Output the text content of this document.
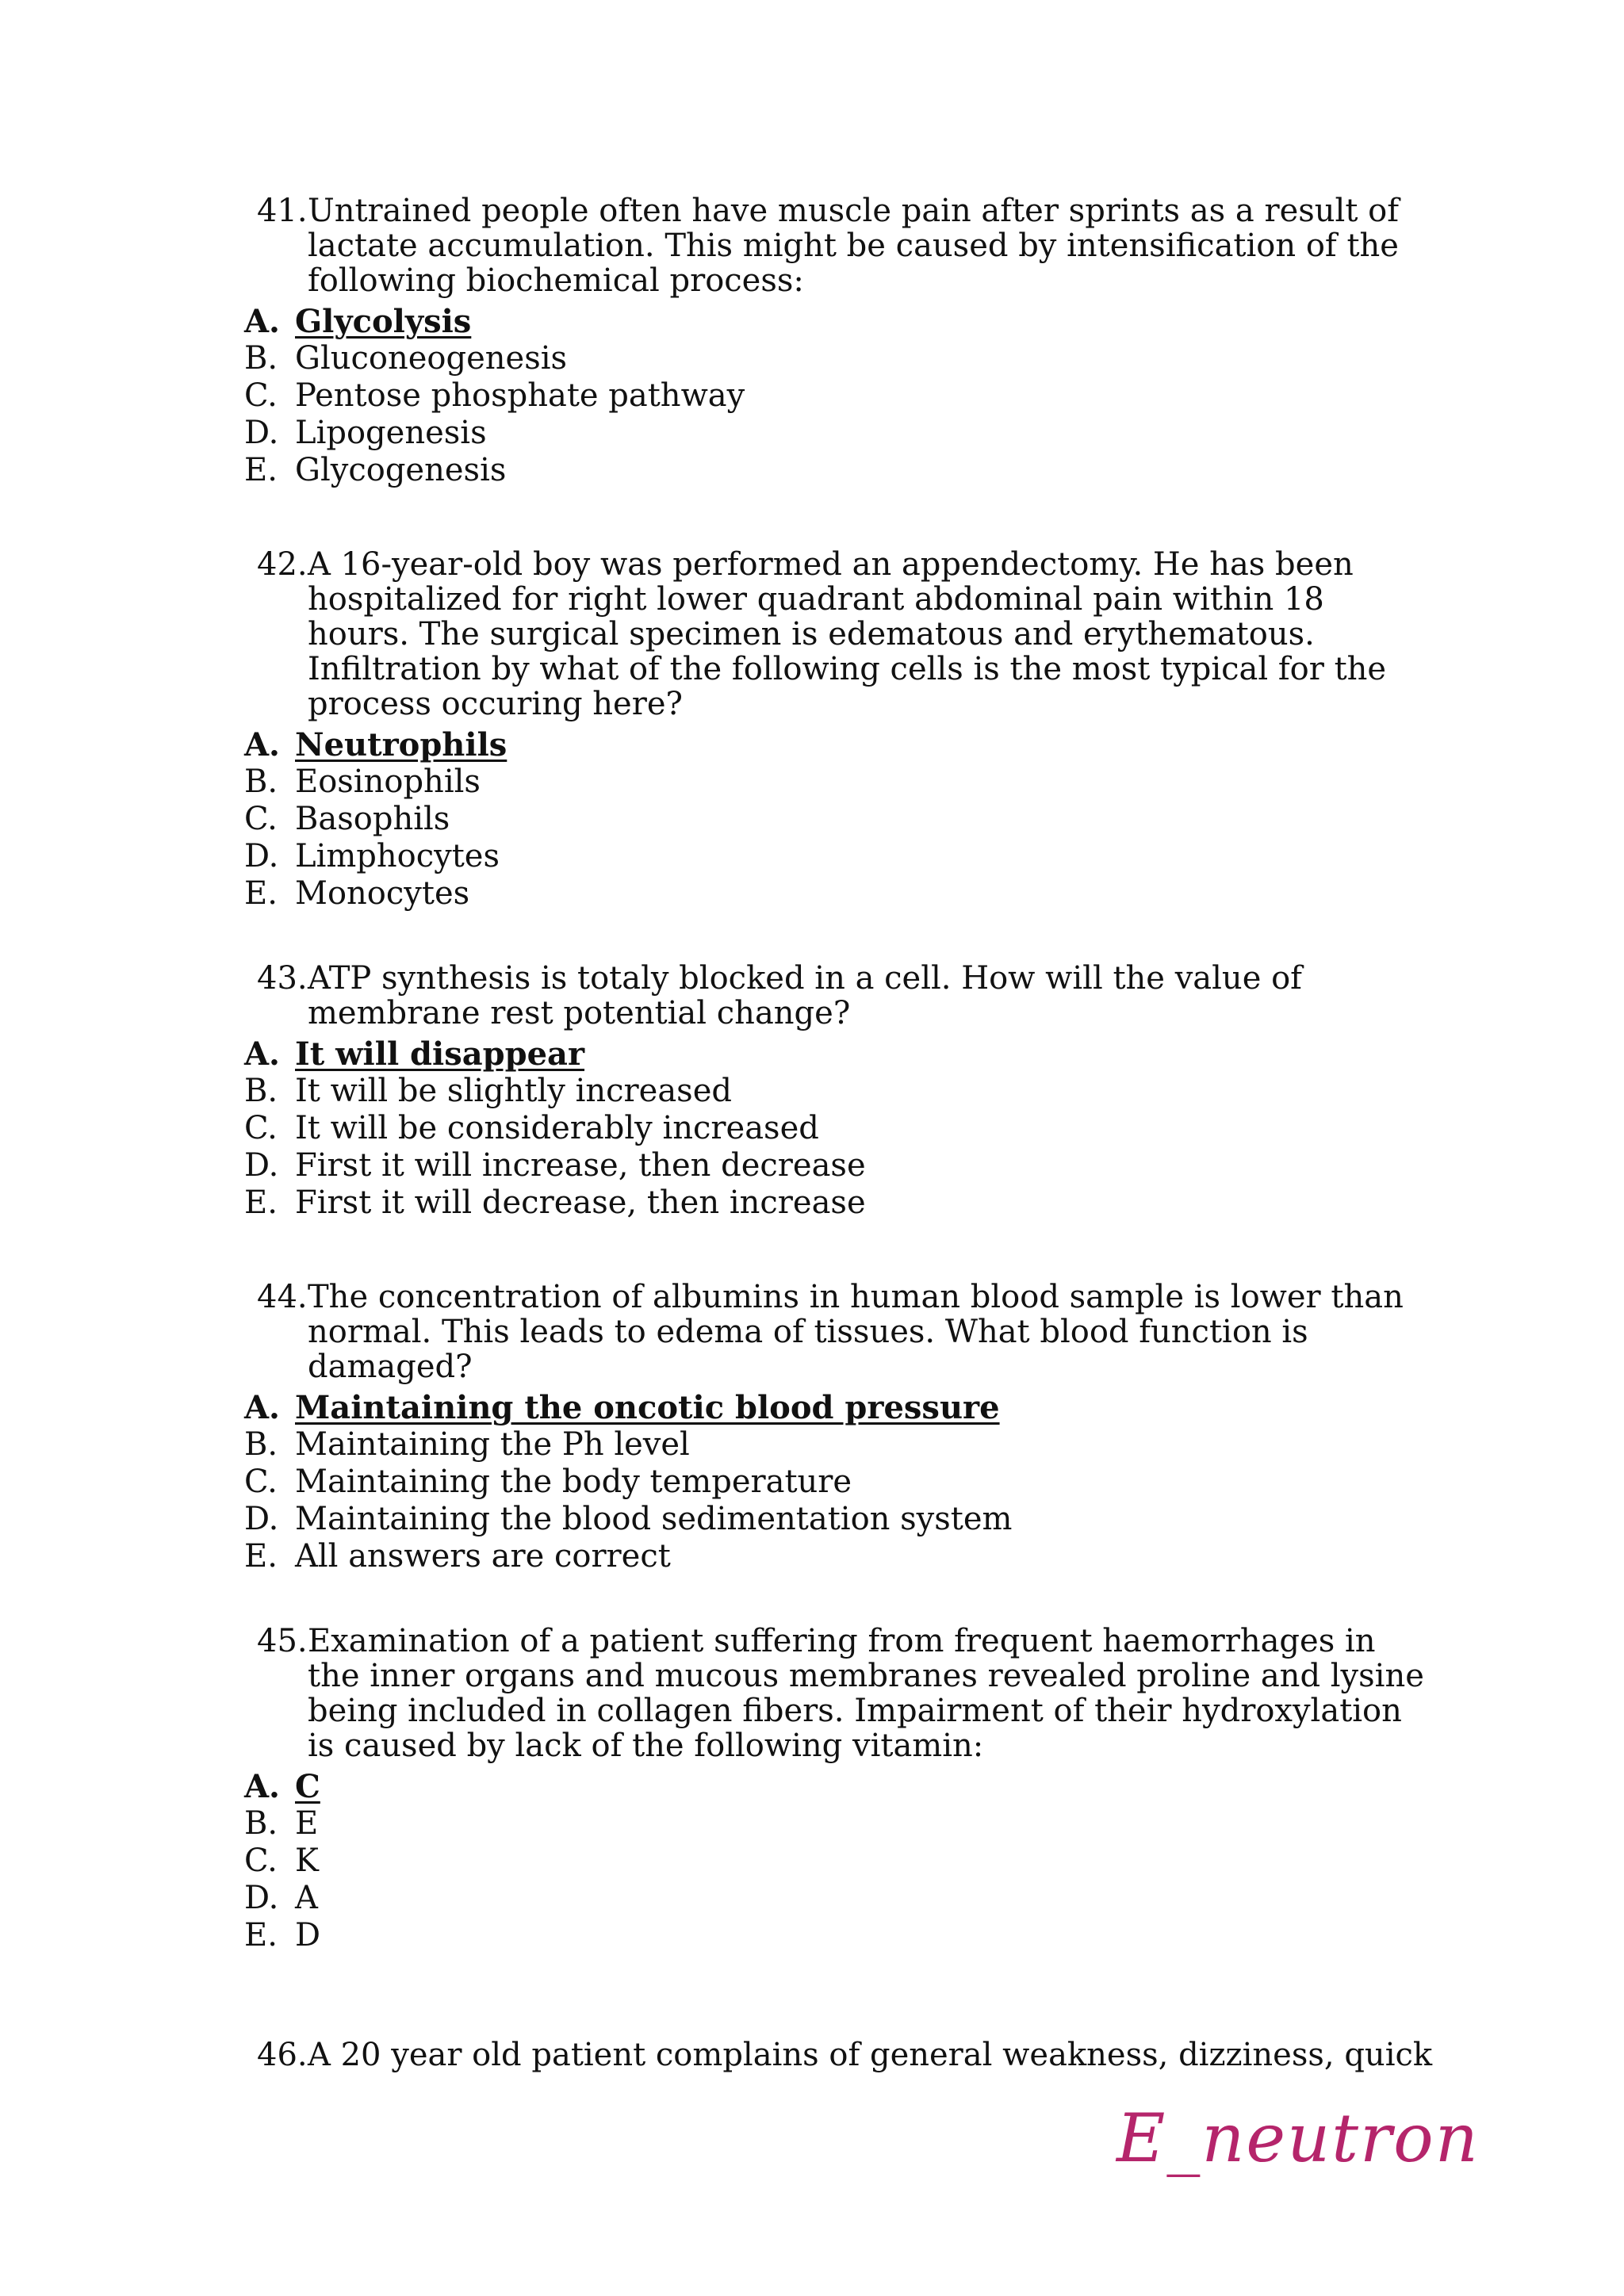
41. Untrained people often have muscle pain after sprints as a result of lactate accumulation. This might be caused by intensification of the following biochemical process:
A. Glycolysis
B. Gluconeogenesis
C. Pentose phosphate pathway
D. Lipogenesis
E. Glycogenesis
42. A 16-year-old boy was performed an appendectomy. He has been hospitalized for right lower quadrant abdominal pain within 18 hours. The surgical specimen is edematous and erythematous. Infiltration by what of the following cells is the most typical for the process occuring here?
A. Neutrophils
B. Eosinophils
C. Basophils
D. Limphocytes
E. Monocytes
43. ATP synthesis is totaly blocked in a cell. How will the value of membrane rest potential change?
A. It will disappear
B. It will be slightly increased
C. It will be considerably increased
D. First it will increase, then decrease
E. First it will decrease, then increase
44. The concentration of albumins in human blood sample is lower than normal. This leads to edema of tissues. What blood function is damaged?
A. Maintaining the oncotic blood pressure
B. Maintaining the Ph level
C. Maintaining the body temperature
D. Maintaining the blood sedimentation system
E. All answers are correct
45. Examination of a patient suffering from frequent haemorrhages in the inner organs and mucous membranes revealed proline and lysine being included in collagen fibers. Impairment of their hydroxylation is caused by lack of the following vitamin:
A. C
B. E
C. K
D. A
E. D
46. A 20 year old patient complains of general weakness, dizziness, quick
E_neutron
